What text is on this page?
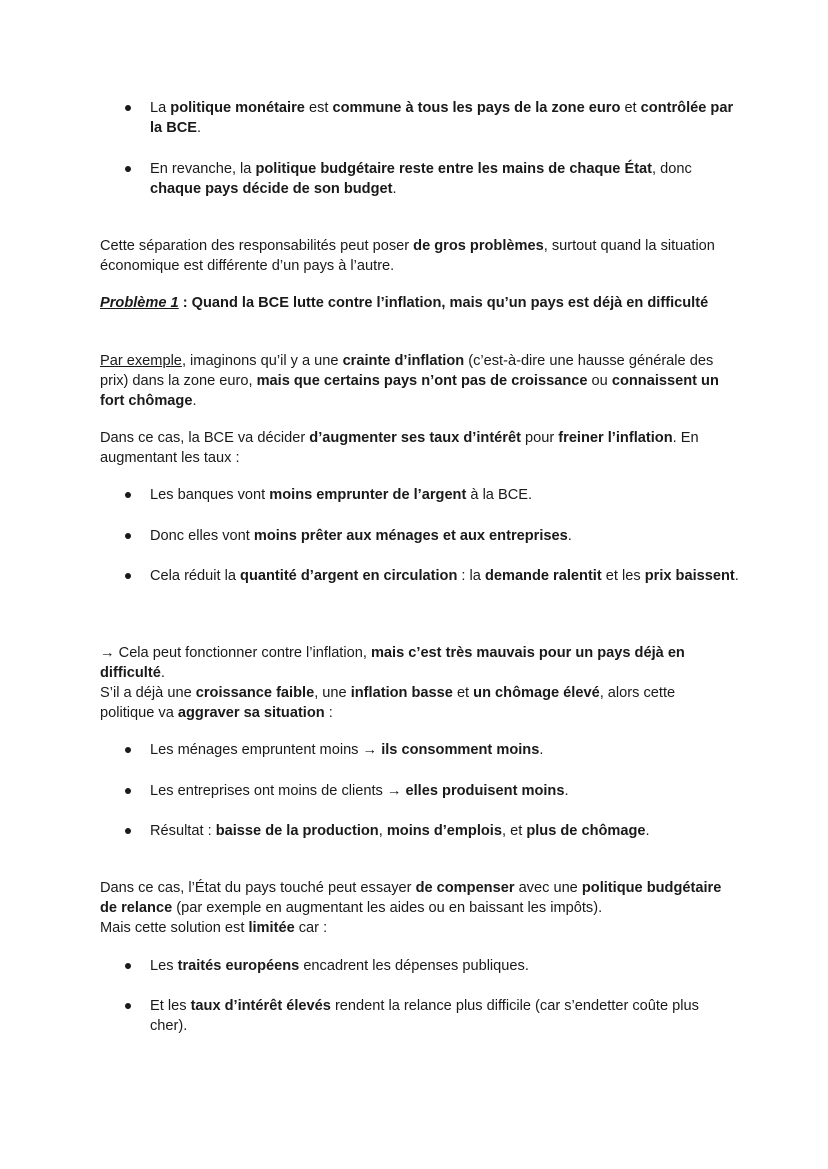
La politique monétaire est commune à tous les pays de la zone euro et contrôlée par la BCE.
En revanche, la politique budgétaire reste entre les mains de chaque État, donc chaque pays décide de son budget.

Cette séparation des responsabilités peut poser de gros problèmes, surtout quand la situation économique est différente d’un pays à l’autre.

Problème 1 : Quand la BCE lutte contre l’inflation, mais qu’un pays est déjà en difficulté

Par exemple, imaginons qu’il y a une crainte d’inflation (c’est-à-dire une hausse générale des prix) dans la zone euro, mais que certains pays n’ont pas de croissance ou connaissent un fort chômage.

Dans ce cas, la BCE va décider d’augmenter ses taux d’intérêt pour freiner l’inflation. En augmentant les taux :

Les banques vont moins emprunter de l’argent à la BCE.
Donc elles vont moins prêter aux ménages et aux entreprises.
Cela réduit la quantité d’argent en circulation : la demande ralentit et les prix baissent.

→ Cela peut fonctionner contre l’inflation, mais c’est très mauvais pour un pays déjà en difficulté.

S’il a déjà une croissance faible, une inflation basse et un chômage élevé, alors cette politique va aggraver sa situation :

Les ménages empruntent moins → ils consomment moins.
Les entreprises ont moins de clients → elles produisent moins.
Résultat : baisse de la production, moins d’emplois, et plus de chômage.

Dans ce cas, l’État du pays touché peut essayer de compenser avec une politique budgétaire de relance (par exemple en augmentant les aides ou en baissant les impôts).

Mais cette solution est limitée car :

Les traités européens encadrent les dépenses publiques.
Et les taux d’intérêt élevés rendent la relance plus difficile (car s’endetter coûte plus cher).
